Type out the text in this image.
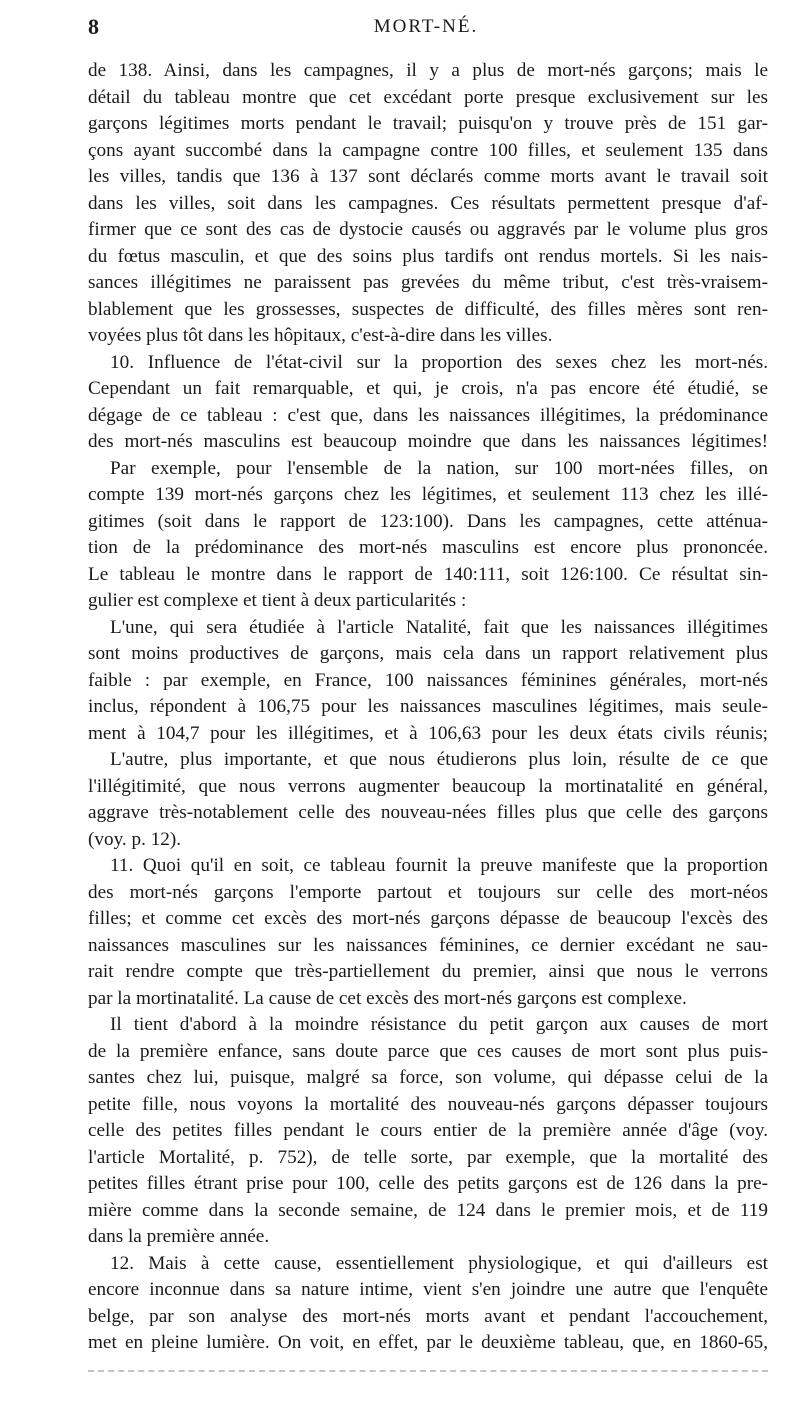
8	MORT-NÉ.
de 138. Ainsi, dans les campagnes, il y a plus de mort-nés garçons; mais le
détail du tableau montre que cet excédant porte presque exclusivement sur les
garçons légitimes morts pendant le travail; puisqu'on y trouve près de 151 gar-
çons ayant succombé dans la campagne contre 100 filles, et seulement 135 dans
les villes, tandis que 136 à 137 sont déclarés comme morts avant le travail soit
dans les villes, soit dans les campagnes. Ces résultats permettent presque d'af-
firmer que ce sont des cas de dystocie causés ou aggravés par le volume plus gros
du fœtus masculin, et que des soins plus tardifs ont rendus mortels. Si les nais-
sances illégitimes ne paraissent pas grevées du même tribut, c'est très-vraisem-
blablement que les grossesses, suspectes de difficulté, des filles mères sont ren-
voyées plus tôt dans les hôpitaux, c'est-à-dire dans les villes.
10. Influence de l'état-civil sur la proportion des sexes chez les mort-nés.
Cependant un fait remarquable, et qui, je crois, n'a pas encore été étudié, se
dégage de ce tableau : c'est que, dans les naissances illégitimes, la prédominance
des mort-nés masculins est beaucoup moindre que dans les naissances légitimes!
Par exemple, pour l'ensemble de la nation, sur 100 mort-nées filles, on
compte 139 mort-nés garçons chez les légitimes, et seulement 113 chez les illé-
gitimes (soit dans le rapport de 123:100). Dans les campagnes, cette atténua-
tion de la prédominance des mort-nés masculins est encore plus prononcée.
Le tableau le montre dans le rapport de 140:111, soit 126:100. Ce résultat sin-
gulier est complexe et tient à deux particularités :
L'une, qui sera étudiée à l'article Natalité, fait que les naissances illégitimes
sont moins productives de garçons, mais cela dans un rapport relativement plus
faible : par exemple, en France, 100 naissances féminines générales, mort-nés
inclus, répondent à 106,75 pour les naissances masculines légitimes, mais seule-
ment à 104,7 pour les illégitimes, et à 106,63 pour les deux états civils réunis;
L'autre, plus importante, et que nous étudierons plus loin, résulte de ce que
l'illégitimité, que nous verrons augmenter beaucoup la mortinatalité en général,
aggrave très-notablement celle des nouveau-nées filles plus que celle des garçons
(voy. p. 12).
11. Quoi qu'il en soit, ce tableau fournit la preuve manifeste que la proportion
des mort-nés garçons l'emporte partout et toujours sur celle des mort-néos
filles; et comme cet excès des mort-nés garçons dépasse de beaucoup l'excès des
naissances masculines sur les naissances féminines, ce dernier excédant ne sau-
rait rendre compte que très-partiellement du premier, ainsi que nous le verrons
par la mortinatalité. La cause de cet excès des mort-nés garçons est complexe.
Il tient d'abord à la moindre résistance du petit garçon aux causes de mort
de la première enfance, sans doute parce que ces causes de mort sont plus puis-
santes chez lui, puisque, malgré sa force, son volume, qui dépasse celui de la
petite fille, nous voyons la mortalité des nouveau-nés garçons dépasser toujours
celle des petites filles pendant le cours entier de la première année d'âge (voy.
l'article Mortalité, p. 752), de telle sorte, par exemple, que la mortalité des
petites filles étrant prise pour 100, celle des petits garçons est de 126 dans la pre-
mière comme dans la seconde semaine, de 124 dans le premier mois, et de 119
dans la première année.
12. Mais à cette cause, essentiellement physiologique, et qui d'ailleurs est
encore inconnue dans sa nature intime, vient s'en joindre une autre que l'enquête
belge, par son analyse des mort-nés morts avant et pendant l'accouchement,
met en pleine lumière. On voit, en effet, par le deuxième tableau, que, en 1860-65,
